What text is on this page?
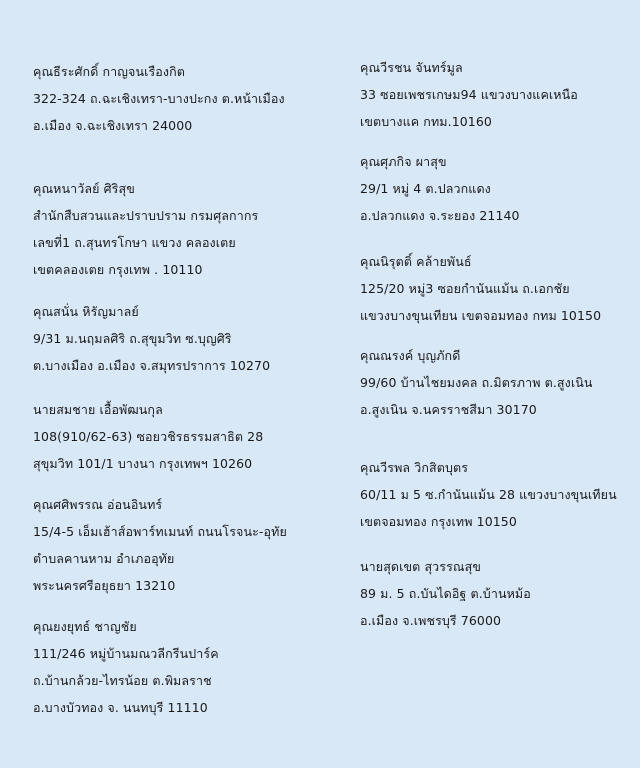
คุณธีระศักดิ์ กาญจนเรืองกิต
322-324 ถ.ฉะเชิงเทรา-บางปะกง ต.หน้าเมือง
อ.เมือง จ.ฉะเชิงเทรา 24000
คุณหนาวัลย์ ศิริสุข
สำนักสืบสวนและปราบปราม กรมศุลกากร
เลขที่1 ถ.สุนทรโกษา แขวง คลองเตย
เขตคลองเตย กรุงเทพ . 10110
คุณสนั่น หิรัญมาลย์
9/31 ม.นฤมลศิริ ถ.สุขุมวิท ซ.บุญศิริ
ต.บางเมือง อ.เมือง จ.สมุทรปราการ 10270
นายสมชาย เอื้อพัฒนกุล
108(910/62-63) ซอยวชิรธรรมสาธิต 28
สุขุมวิท 101/1 บางนา กรุงเทพฯ 10260
คุณศศิพรรณ อ่อนอินทร์
15/4-5 เอ็มเฮ้าส์อพาร์ทเมนท์ ถนนโรจนะ-อุทัย
ตำบลคานหาม อำเภออุทัย
พระนครศรีอยุธยา 13210
คุณยงยุทธ์ ชาญชัย
111/246 หมู่บ้านมณวลีกรีนปาร์ค
ถ.บ้านกล้วย-ไทรน้อย ต.พิมลราช
อ.บางบัวทอง จ. นนทบุรี 11110
คุณวีรชน จันทร์มูล
33 ซอยเพชรเกษม94 แขวงบางแคเหนือ
เขตบางแค กทม.10160
คุณศุภกิจ ผาสุข
29/1 หมู่ 4 ต.ปลวกแดง
อ.ปลวกแดง จ.ระยอง 21140
คุณนิรุตติ์ คล้ายพันธ์
125/20 หมู่3 ซอยกำนันแม้น ถ.เอกชัย
แขวงบางขุนเทียน เขตจอมทอง กทม 10150
คุณณรงค์ บุญภักดี
99/60 บ้านไชยมงคล ถ.มิตรภาพ ต.สูงเนิน
อ.สูงเนิน จ.นครราชสีมา 30170
คุณวีรพล วิกสิตบุตร
60/11 ม 5 ซ.กำนันแม้น 28 แขวงบางขุนเทียน
เขตจอมทอง กรุงเทพ 10150
นายสุดเขต สุวรรณสุข
89 ม. 5 ถ.บันไดอิฐ ต.บ้านหม้อ
อ.เมือง จ.เพชรบุรี 76000
